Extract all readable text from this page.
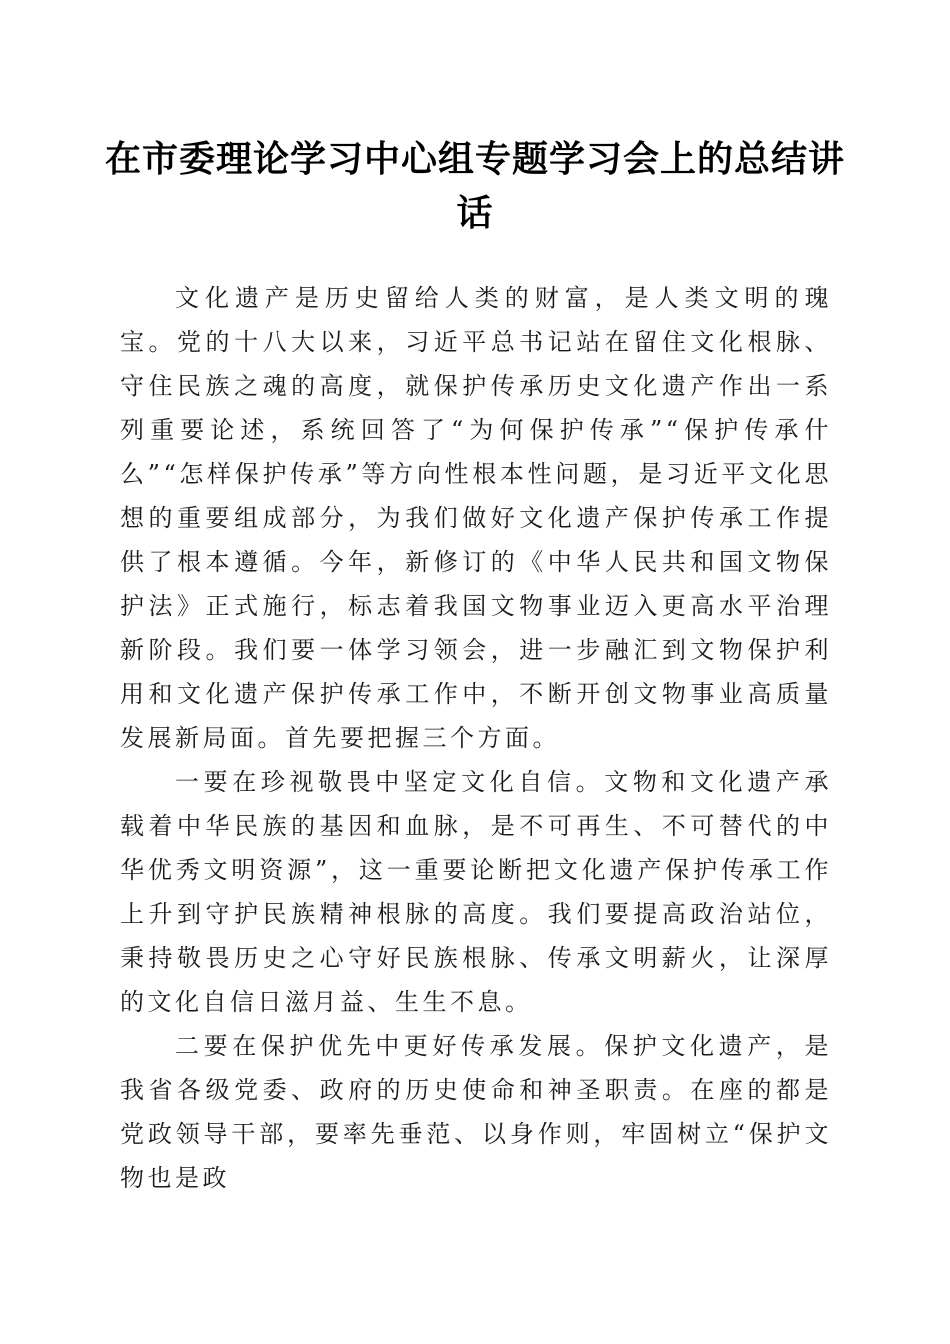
在市委理论学习中心组专题学习会上的总结讲话

文化遗产是历史留给人类的财富，是人类文明的瑰宝。党的十八大以来，习近平总书记站在留住文化根脉、守住民族之魂的高度，就保护传承历史文化遗产作出一系列重要论述，系统回答了“为何保护传承”“保护传承什么”“怎样保护传承”等方向性根本性问题，是习近平文化思想的重要组成部分，为我们做好文化遗产保护传承工作提供了根本遵循。今年，新修订的《中华人民共和国文物保护法》正式施行，标志着我国文物事业迈入更高水平治理新阶段。我们要一体学习领会，进一步融汇到文物保护利用和文化遗产保护传承工作中，不断开创文物事业高质量发展新局面。首先要把握三个方面。

一要在珍视敬畏中坚定文化自信。文物和文化遗产承载着中华民族的基因和血脉，是不可再生、不可替代的中华优秀文明资源”，这一重要论断把文化遗产保护传承工作上升到守护民族精神根脉的高度。我们要提高政治站位，秉持敬畏历史之心守好民族根脉、传承文明薪火，让深厚的文化自信日滋月益、生生不息。

二要在保护优先中更好传承发展。保护文化遗产，是我省各级党委、政府的历史使命和神圣职责。在座的都是党政领导干部，要率先垂范、以身作则，牢固树立“保护文物也是政
